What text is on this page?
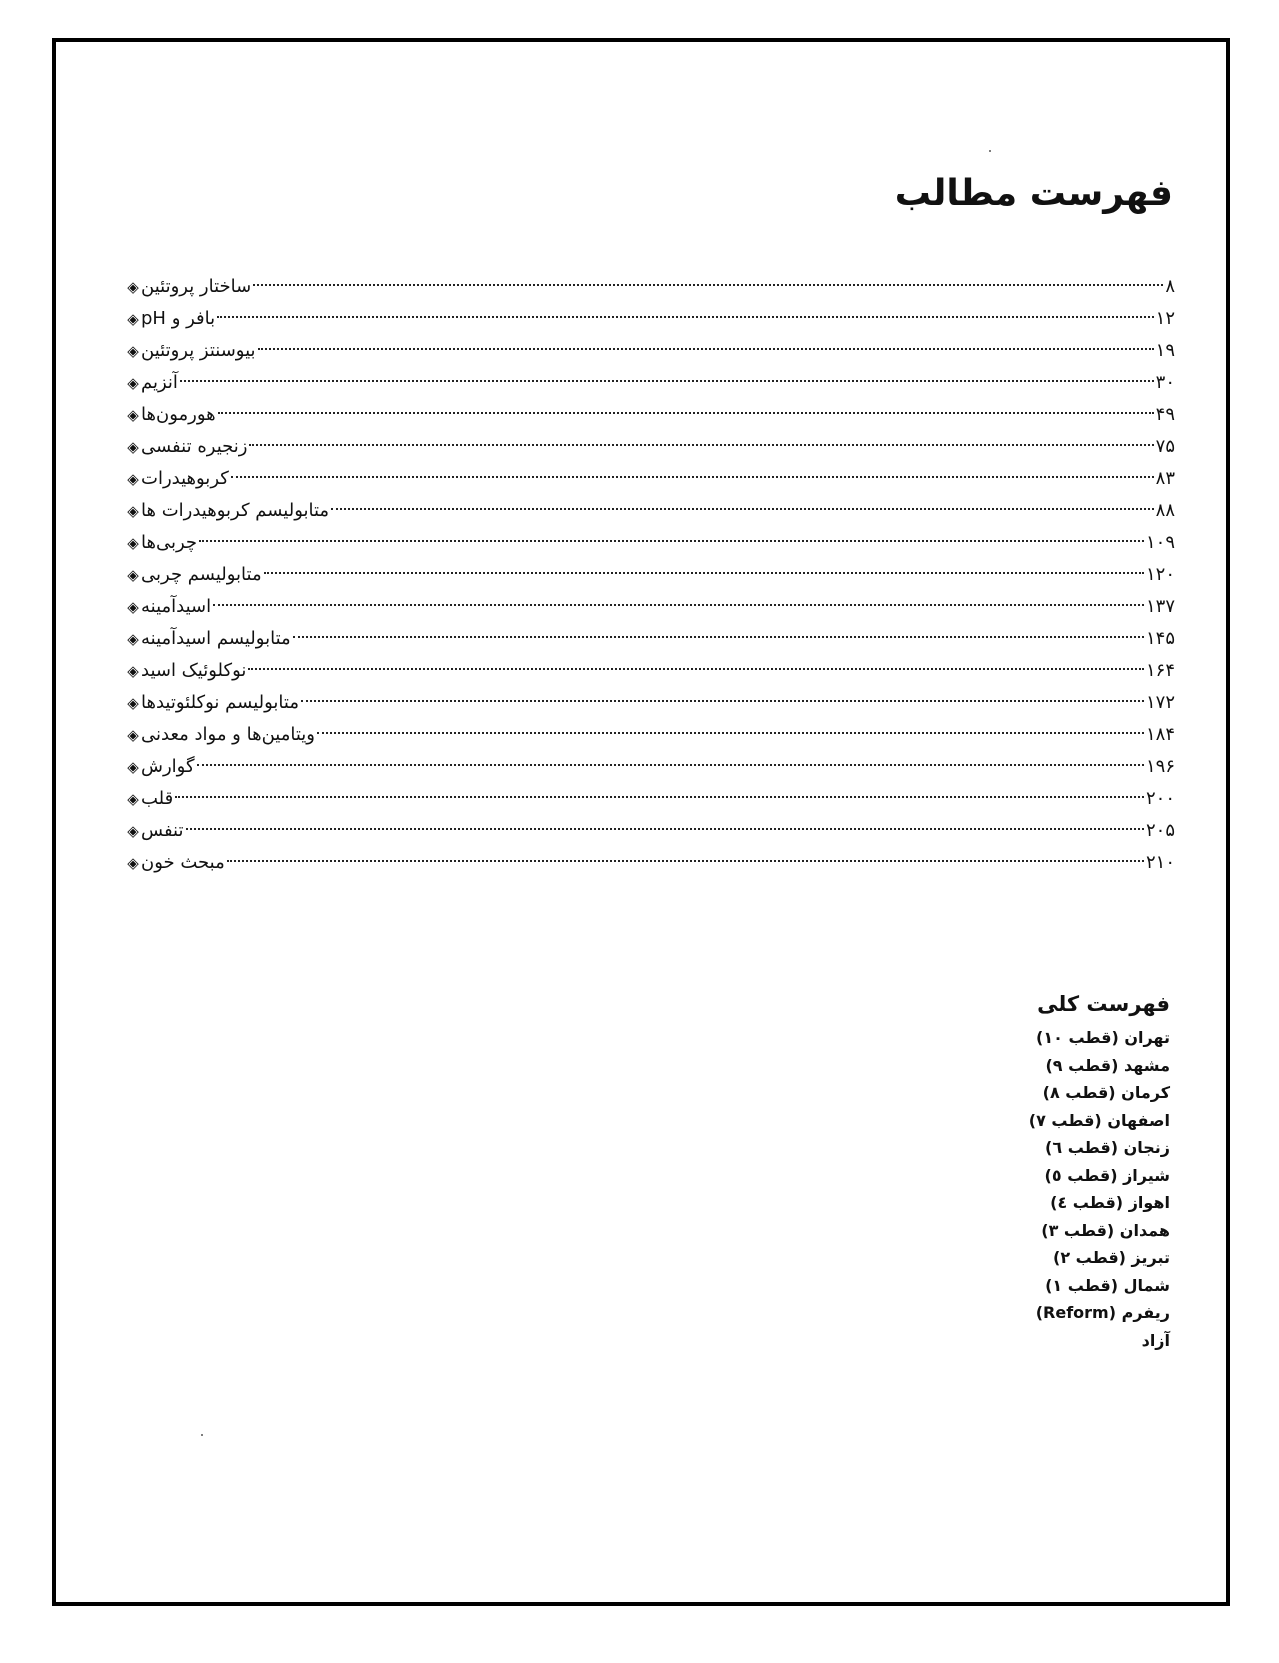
فهرست مطالب
◈ ساختار پروتئین	۸
◈ بافر و pH	۱۲
◈ بیوسنتز پروتئین	۱۹
◈ آنزیم	۳۰
◈ هورمون‌ها	۴۹
◈ زنجیره تنفسی	۷۵
◈ کربوهیدرات	۸۳
◈ متابولیسم کربوهیدرات ها	۸۸
◈ چربی‌ها	۱۰۹
◈ متابولیسم چربی	۱۲۰
◈ اسیدآمینه	۱۳۷
◈ متابولیسم اسیدآمینه	۱۴۵
◈ نوکلوئیک اسید	۱۶۴
◈ متابولیسم نوکلئوتیدها	۱۷۲
◈ ویتامین‌ها و مواد معدنی	۱۸۴
◈ گوارش	۱۹۶
◈ قلب	۲۰۰
◈ تنفس	۲۰۵
◈ مبحث خون	۲۱۰
فهرست کلی
تهران (قطب ۱۰)
مشهد (قطب ۹)
کرمان (قطب ۸)
اصفهان (قطب ۷)
زنجان (قطب ٦)
شیراز (قطب ٥)
اهواز (قطب ٤)
همدان (قطب ۳)
تبریز (قطب ۲)
شمال (قطب ۱)
ریفرم (Reform)
آزاد
